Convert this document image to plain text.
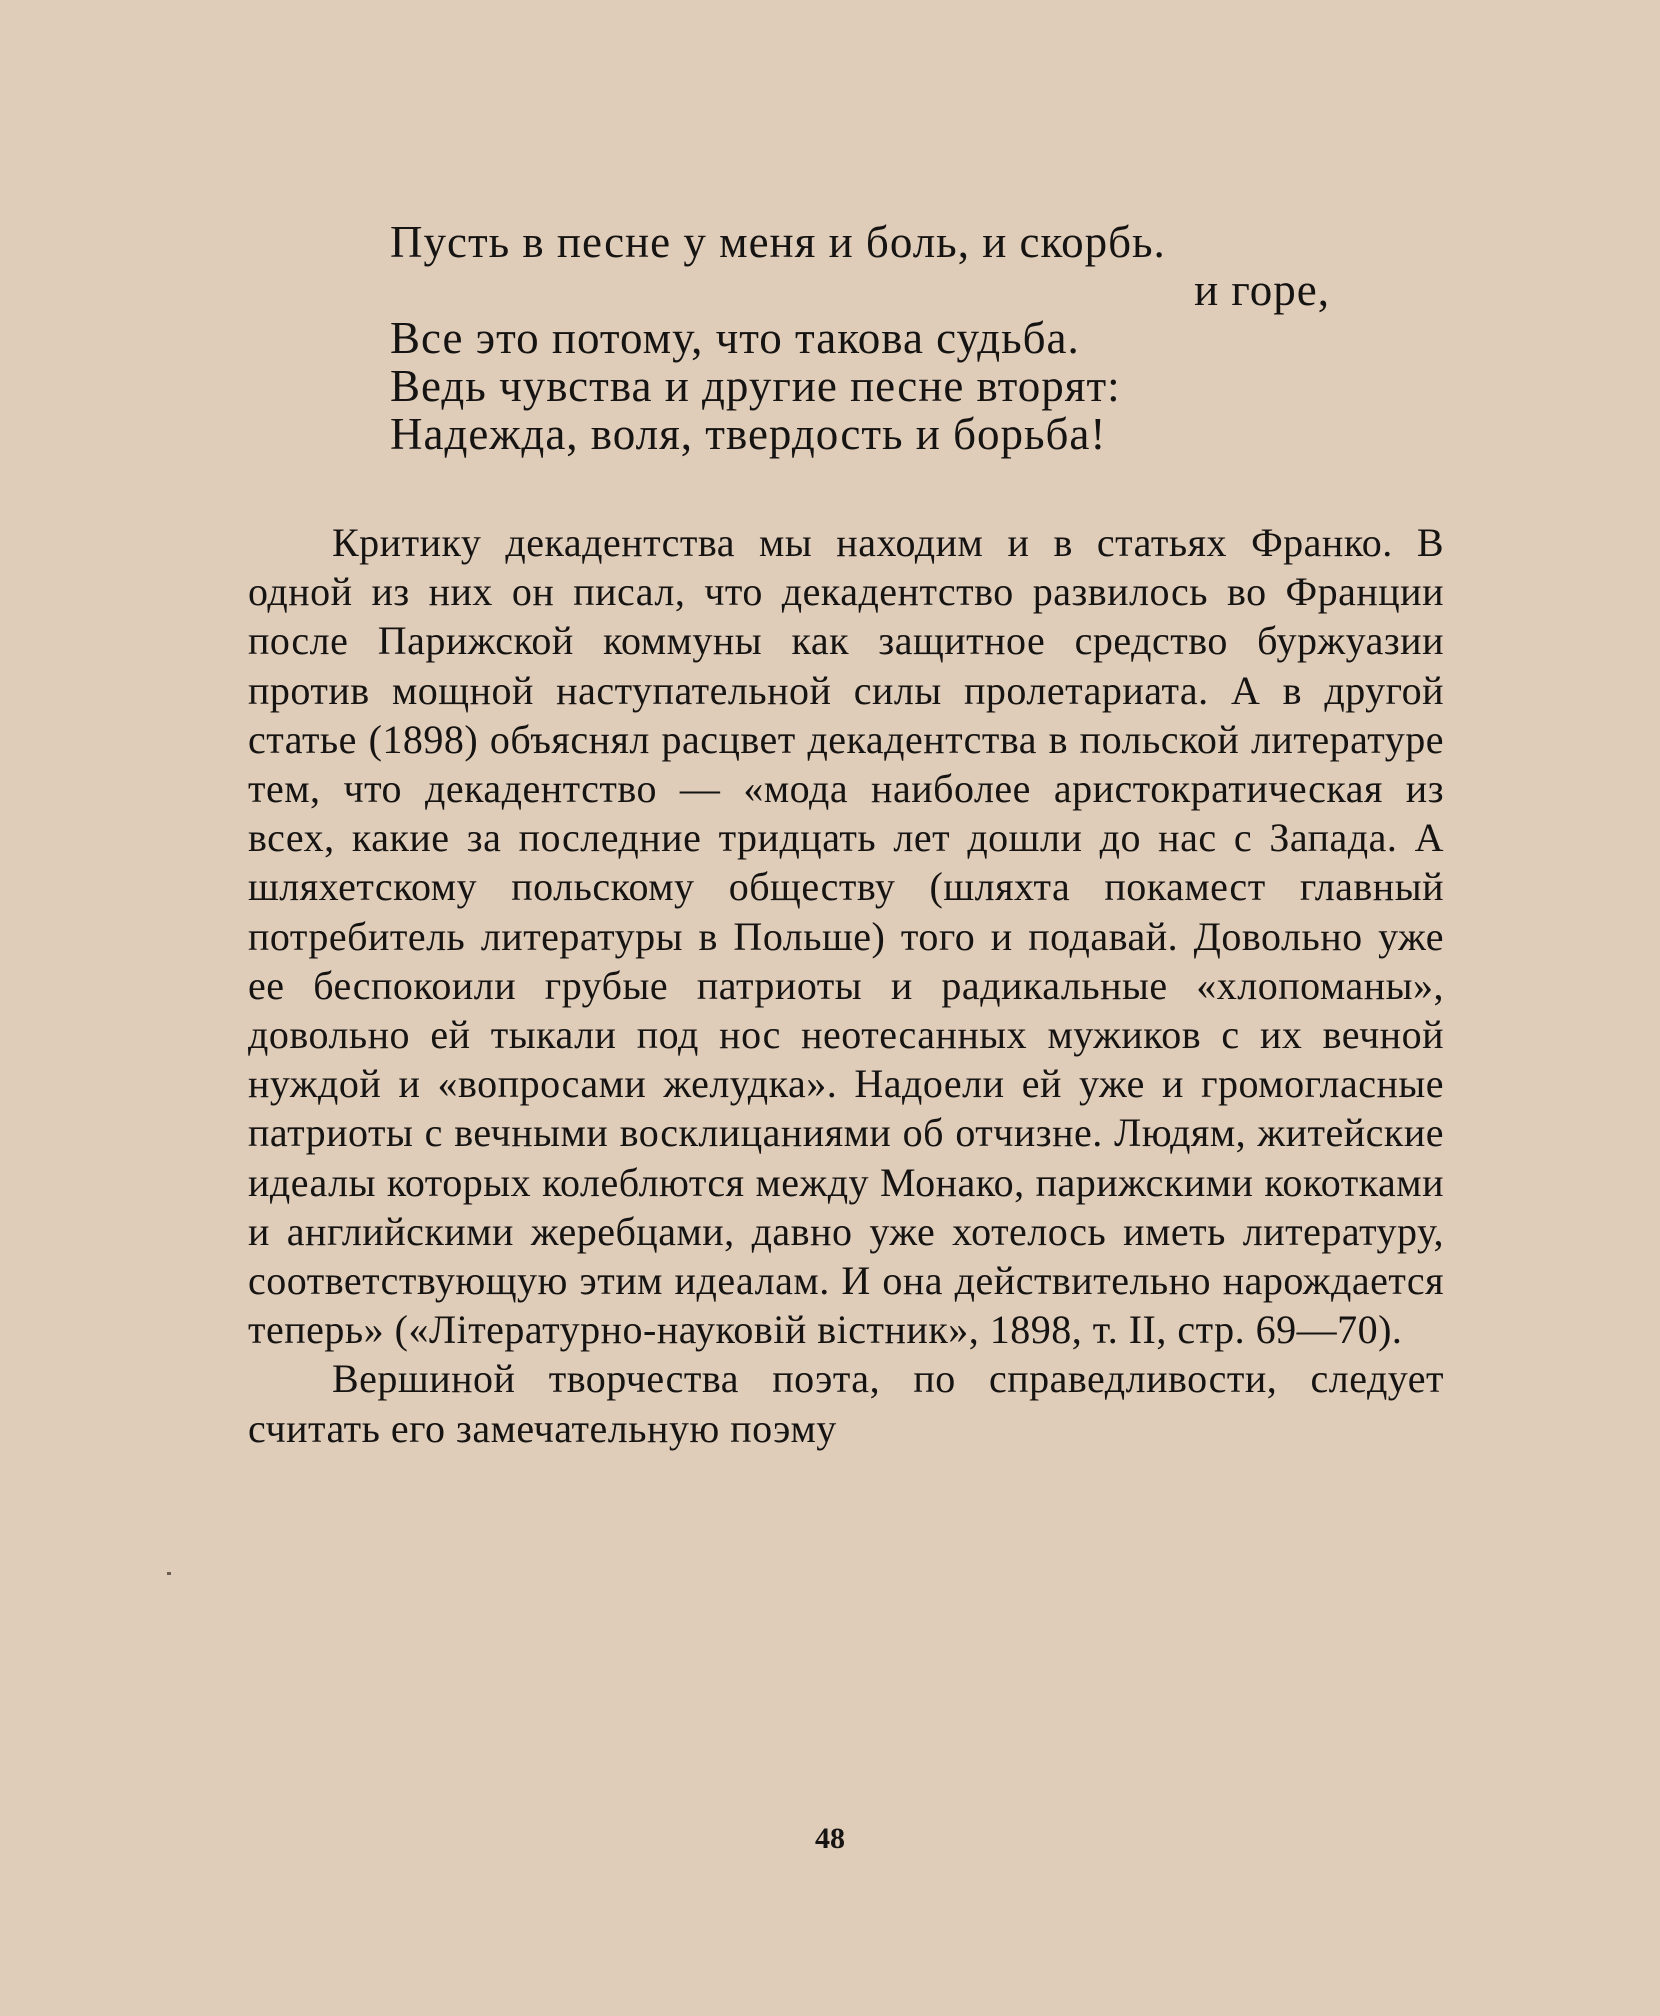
Пусть в песне у меня и боль, и скорбь.
и горе,
Все это потому, что такова судьба.
Ведь чувства и другие песне вторят:
Надежда, воля, твердость и борьба!

Критику декадентства мы находим и в статьях Франко. В одной из них он писал, что декадентство развилось во Франции после Парижской коммуны как защитное средство буржуазии против мощной наступательной силы пролетариата. А в другой статье (1898) объяснял расцвет декадентства в польской литературе тем, что декадентство — «мода наиболее аристократическая из всех, какие за последние тридцать лет дошли до нас с Запада. А шляхетскому польскому обществу (шляхта покамест главный потребитель литературы в Польше) того и подавай. Довольно уже ее беспокоили грубые патриоты и радикальные «хлопоманы», довольно ей тыкали под нос неотесанных мужиков с их вечной нуждой и «вопросами желудка». Надоели ей уже и громогласные патриоты с вечными восклицаниями об отчизне. Людям, житейские идеалы которых колеблются между Монако, парижскими кокотками и английскими жеребцами, давно уже хотелось иметь литературу, соответствующую этим идеалам. И она действительно нарождается теперь» («Літературно-науковій вістник», 1898, т. II, стр. 69—70).

Вершиной творчества поэта, по справедливости, следует считать его замечательную поэму

48
